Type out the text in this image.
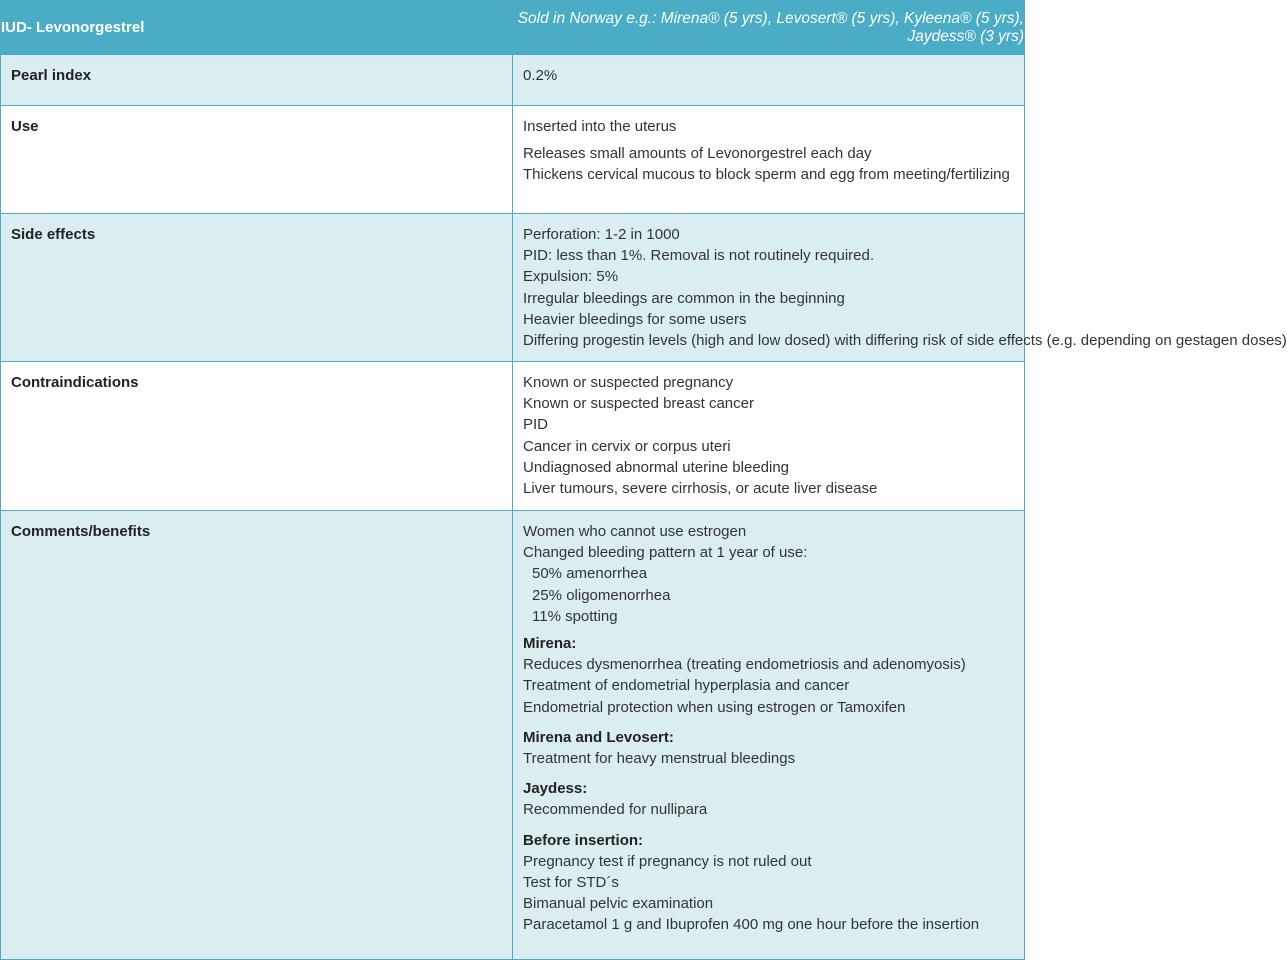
IUD- Levonorgestrel	Sold in Norway e.g.: Mirena® (5 yrs), Levosert® (5 yrs), Kyleena® (5 yrs), Jaydess® (3 yrs)

Pearl index	0.2%

Use	Inserted into the uterus
Releases small amounts of Levonorgestrel each day
Thickens cervical mucous to block sperm and egg from meeting/fertilizing

Side effects	Perforation: 1-2 in 1000
PID: less than 1%. Removal is not routinely required.
Expulsion: 5%
Irregular bleedings are common in the beginning
Heavier bleedings for some users
Differing progestin levels (high and low dosed) with differing risk of side effects (e.g. depending on gestagen doses)

Contraindications	Known or suspected pregnancy
Known or suspected breast cancer
PID
Cancer in cervix or corpus uteri
Undiagnosed abnormal uterine bleeding
Liver tumours, severe cirrhosis, or acute liver disease

Comments/benefits	Women who cannot use estrogen
Changed bleeding pattern at 1 year of use:
50% amenorrhea
25% oligomenorrhea
11% spotting
Mirena:
Reduces dysmenorrhea (treating endometriosis and adenomyosis)
Treatment of endometrial hyperplasia and cancer
Endometrial protection when using estrogen or Tamoxifen
Mirena and Levosert:
Treatment for heavy menstrual bleedings
Jaydess:
Recommended for nullipara
Before insertion:
Pregnancy test if pregnancy is not ruled out
Test for STD´s
Bimanual pelvic examination
Paracetamol 1 g and Ibuprofen 400 mg one hour before the insertion
